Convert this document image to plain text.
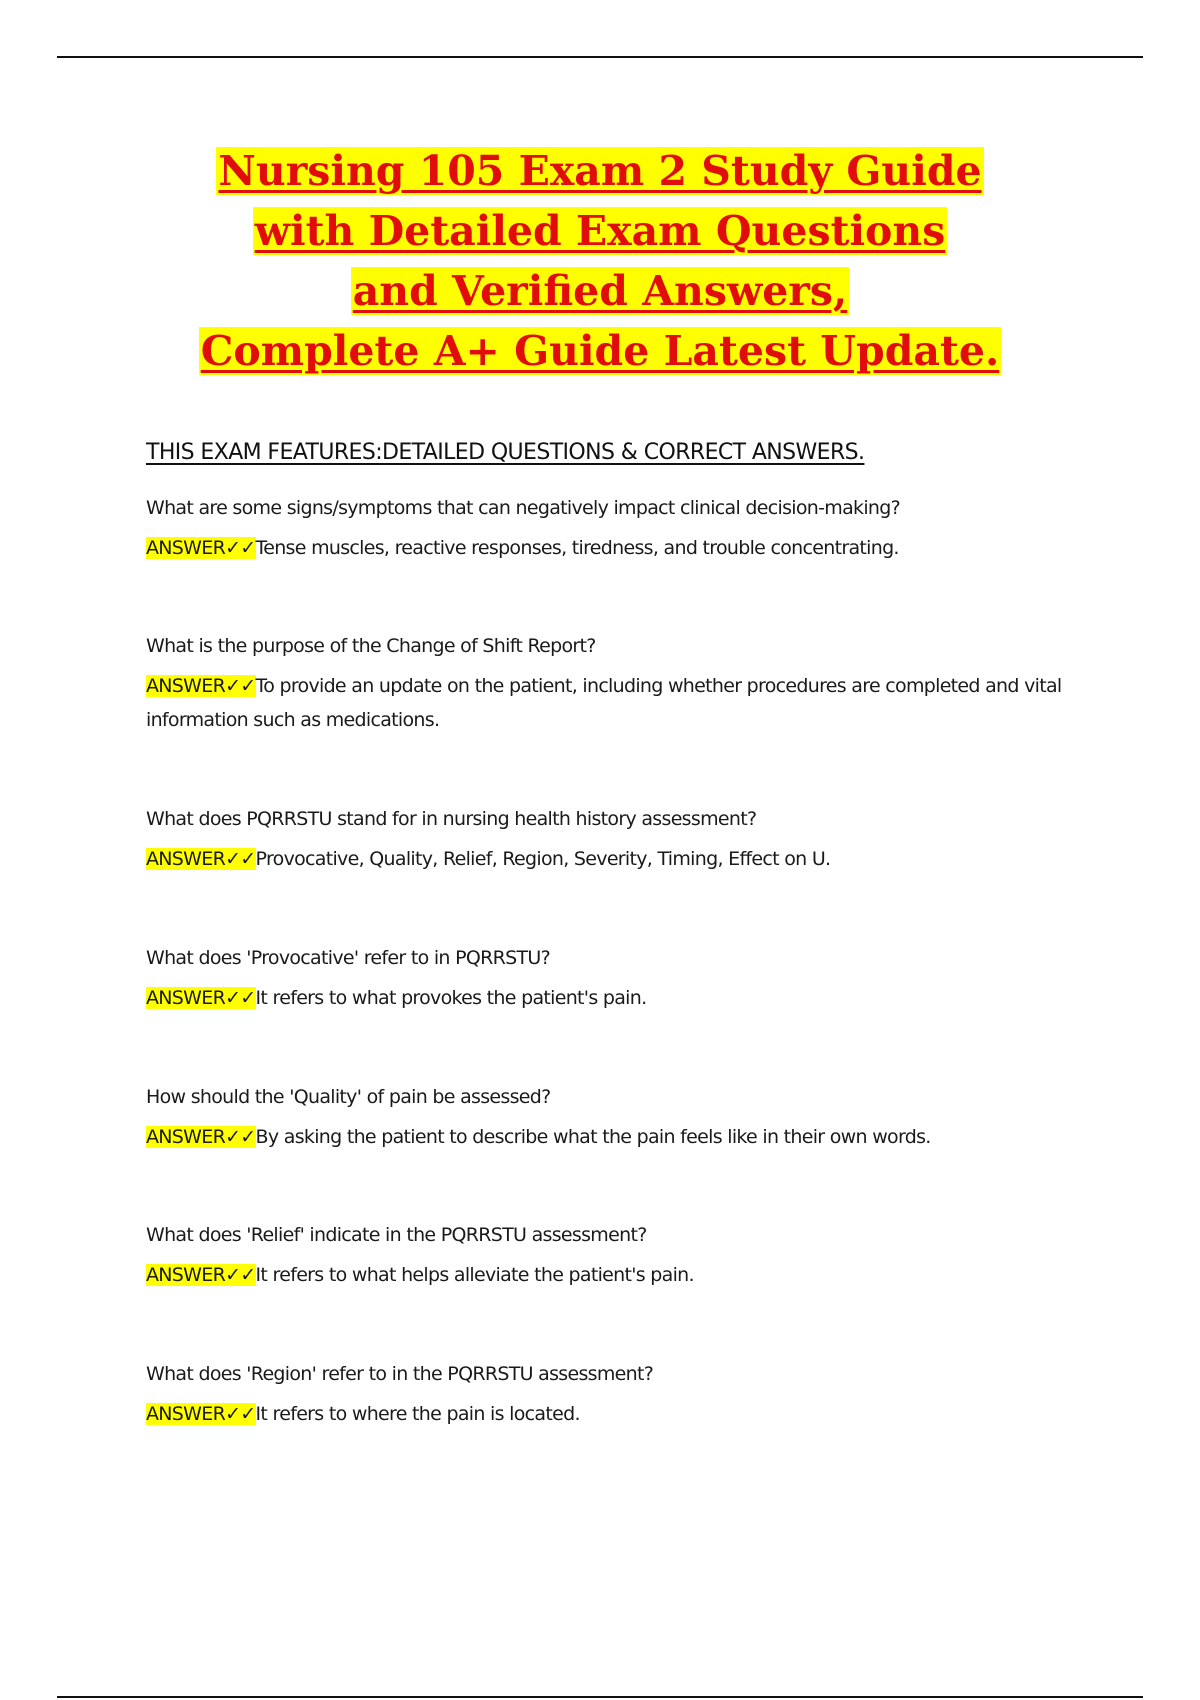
Nursing 105 Exam 2 Study Guide
with Detailed Exam Questions
and Verified Answers,
Complete A+ Guide Latest Update.
THIS EXAM FEATURES:DETAILED QUESTIONS & CORRECT ANSWERS.
What are some signs/symptoms that can negatively impact clinical decision-making?
ANSWER✓✓Tense muscles, reactive responses, tiredness, and trouble concentrating.
What is the purpose of the Change of Shift Report?
ANSWER✓✓To provide an update on the patient, including whether procedures are completed and vital information such as medications.
What does PQRRSTU stand for in nursing health history assessment?
ANSWER✓✓Provocative, Quality, Relief, Region, Severity, Timing, Effect on U.
What does 'Provocative' refer to in PQRRSTU?
ANSWER✓✓It refers to what provokes the patient's pain.
How should the 'Quality' of pain be assessed?
ANSWER✓✓By asking the patient to describe what the pain feels like in their own words.
What does 'Relief' indicate in the PQRRSTU assessment?
ANSWER✓✓It refers to what helps alleviate the patient's pain.
What does 'Region' refer to in the PQRRSTU assessment?
ANSWER✓✓It refers to where the pain is located.
